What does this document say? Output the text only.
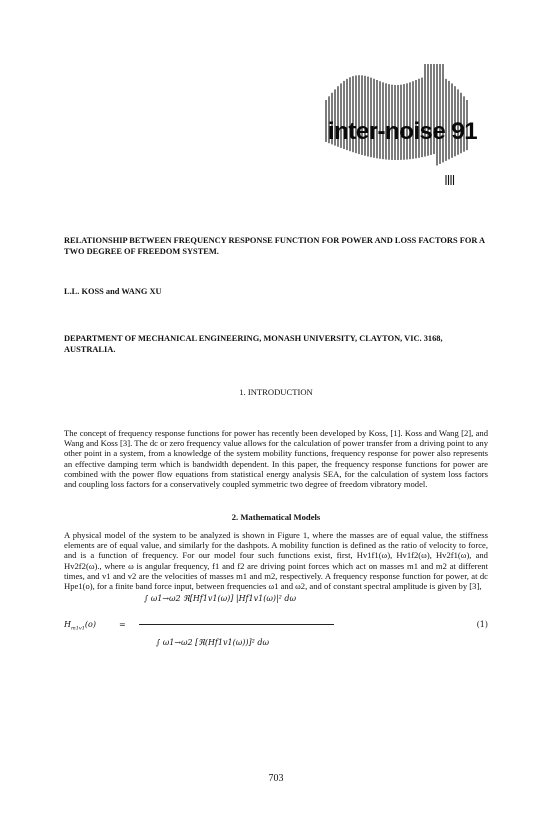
inter-noise 91
RELATIONSHIP BETWEEN FREQUENCY RESPONSE FUNCTION FOR POWER AND LOSS FACTORS FOR A TWO DEGREE OF FREEDOM SYSTEM.
L.L. KOSS and WANG XU
DEPARTMENT OF MECHANICAL ENGINEERING, MONASH UNIVERSITY, CLAYTON, VIC. 3168, AUSTRALIA.
1. INTRODUCTION
The concept of frequency response functions for power has recently been developed by Koss, [1]. Koss and Wang [2], and Wang and Koss [3]. The dc or zero frequency value allows for the calculation of power transfer from a driving point to any other point in a system, from a knowledge of the system mobility functions, frequency response for power also represents an effective damping term which is bandwidth dependent. In this paper, the frequency response functions for power are combined with the power flow equations from statistical energy analysis SEA, for the calculation of system loss factors and coupling loss factors for a conservatively coupled symmetric two degree of freedom vibratory model.
2. Mathematical Models
A physical model of the system to be analyzed is shown in Figure 1, where the masses are of equal value, the stiffness elements are of equal value, and similarly for the dashpots. A mobility function is defined as the ratio of velocity to force, and is a function of frequency. For our model four such functions exist, first, Hv1f1(ω), Hv1f2(ω), Hv2f1(ω), and Hv2f2(ω)., where ω is angular frequency, f1 and f2 are driving point forces which act on masses m1 and m2 at different times, and v1 and v2 are the velocities of masses m1 and m2, respectively. A frequency response function for power, at dc Hpe1(o), for a finite band force input, between frequencies ω1 and ω2, and of constant spectral amplitude is given by [3],
$H_{m1v1}(o)$	=
∫ ω1→ω2 ℜ[Hf1v1(ω)] |Hf1v1(ω)|² dω
∫ ω1→ω2 [ℜ(Hf1v1(ω))]² dω
(1)
703
